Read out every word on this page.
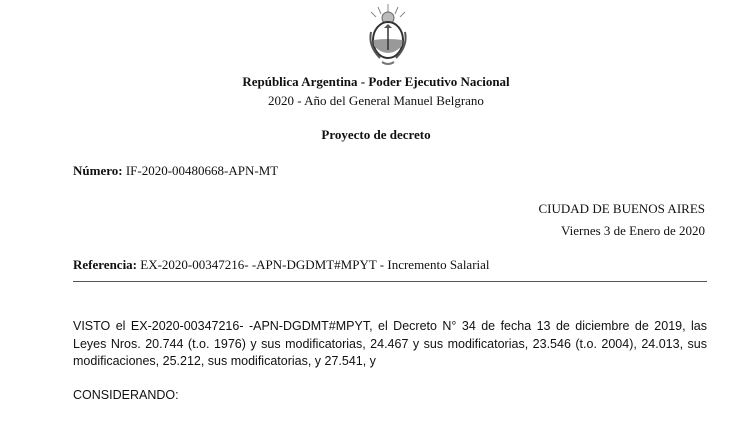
República Argentina - Poder Ejecutivo Nacional
2020 - Año del General Manuel Belgrano
Proyecto de decreto
Número: IF-2020-00480668-APN-MT
CIUDAD DE BUENOS AIRES
Viernes 3 de Enero de 2020
Referencia: EX-2020-00347216- -APN-DGDMT#MPYT - Incremento Salarial

VISTO el EX-2020-00347216- -APN-DGDMT#MPYT, el Decreto N° 34 de fecha 13 de diciembre de 2019, las Leyes Nros. 20.744 (t.o. 1976) y sus modificatorias, 24.467 y sus modificatorias, 23.546 (t.o. 2004), 24.013, sus modificaciones, 25.212, sus modificatorias, y 27.541, y

CONSIDERANDO:
